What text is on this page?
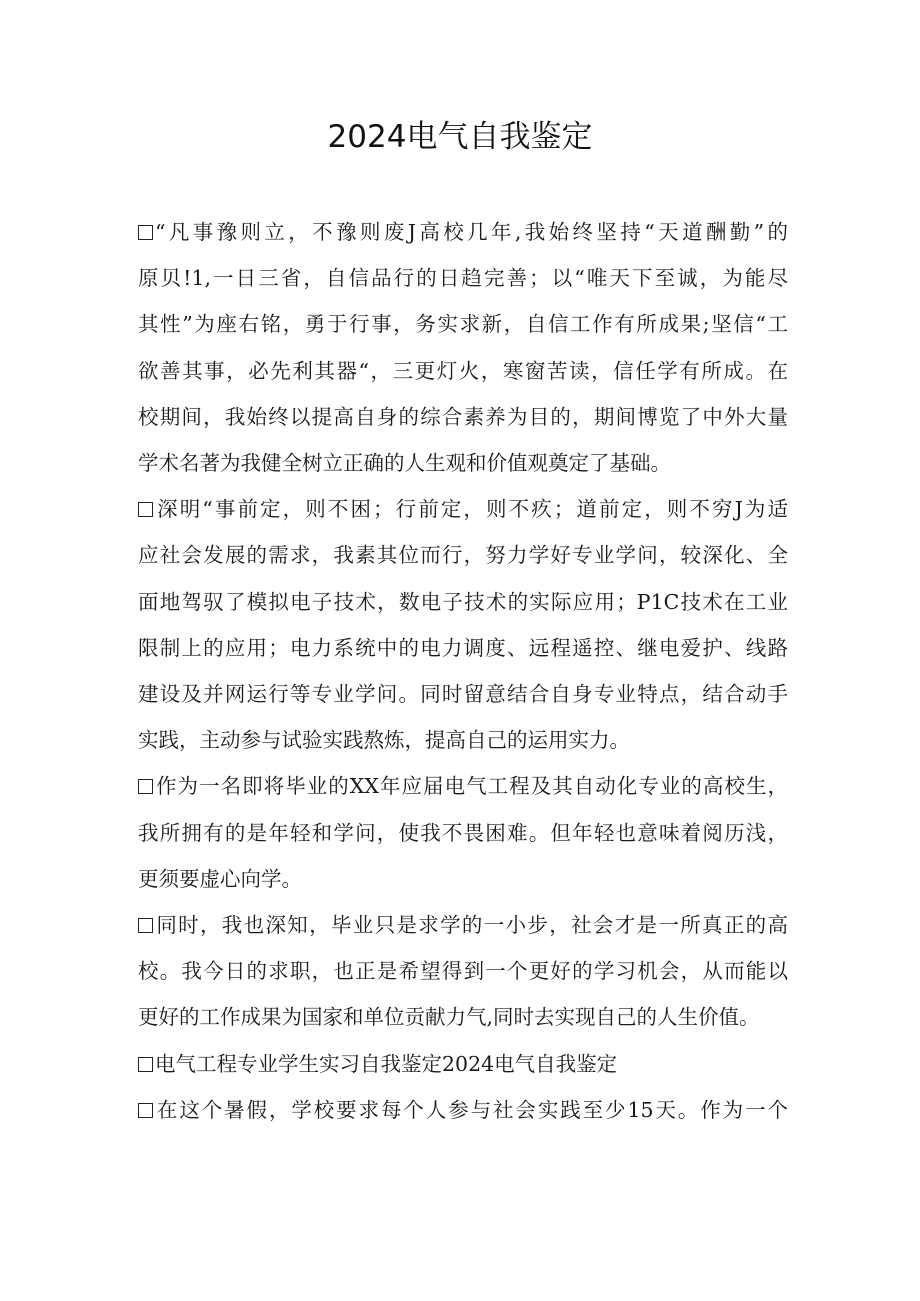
2024电气自我鉴定
“凡事豫则立，不豫则废J高校几年,我始终坚持“天道酬勤”的
原贝!1,一日三省，自信品行的日趋完善；以“唯天下至诚，为能尽
其性”为座右铭，勇于行事，务实求新，自信工作有所成果;坚信“工
欲善其事，必先利其器“，三更灯火，寒窗苦读，信任学有所成。在
校期间，我始终以提高自身的综合素养为目的，期间博览了中外大量
学术名著为我健全树立正确的人生观和价值观奠定了基础。
深明“事前定，则不困；行前定，则不疚；道前定，则不穷J为适
应社会发展的需求，我素其位而行，努力学好专业学问，较深化、全
面地驾驭了模拟电子技术，数电子技术的实际应用；P1C技术在工业
限制上的应用；电力系统中的电力调度、远程遥控、继电爱护、线路
建设及并网运行等专业学问。同时留意结合自身专业特点，结合动手
实践，主动参与试验实践熬炼，提高自己的运用实力。
作为一名即将毕业的XX年应届电气工程及其自动化专业的高校生，
我所拥有的是年轻和学问，使我不畏困难。但年轻也意味着阅历浅，
更须要虚心向学。
同时，我也深知，毕业只是求学的一小步，社会才是一所真正的高
校。我今日的求职，也正是希望得到一个更好的学习机会，从而能以
更好的工作成果为国家和单位贡献力气,同时去实现自己的人生价值。
电气工程专业学生实习自我鉴定2024电气自我鉴定
在这个暑假，学校要求每个人参与社会实践至少15天。作为一个
